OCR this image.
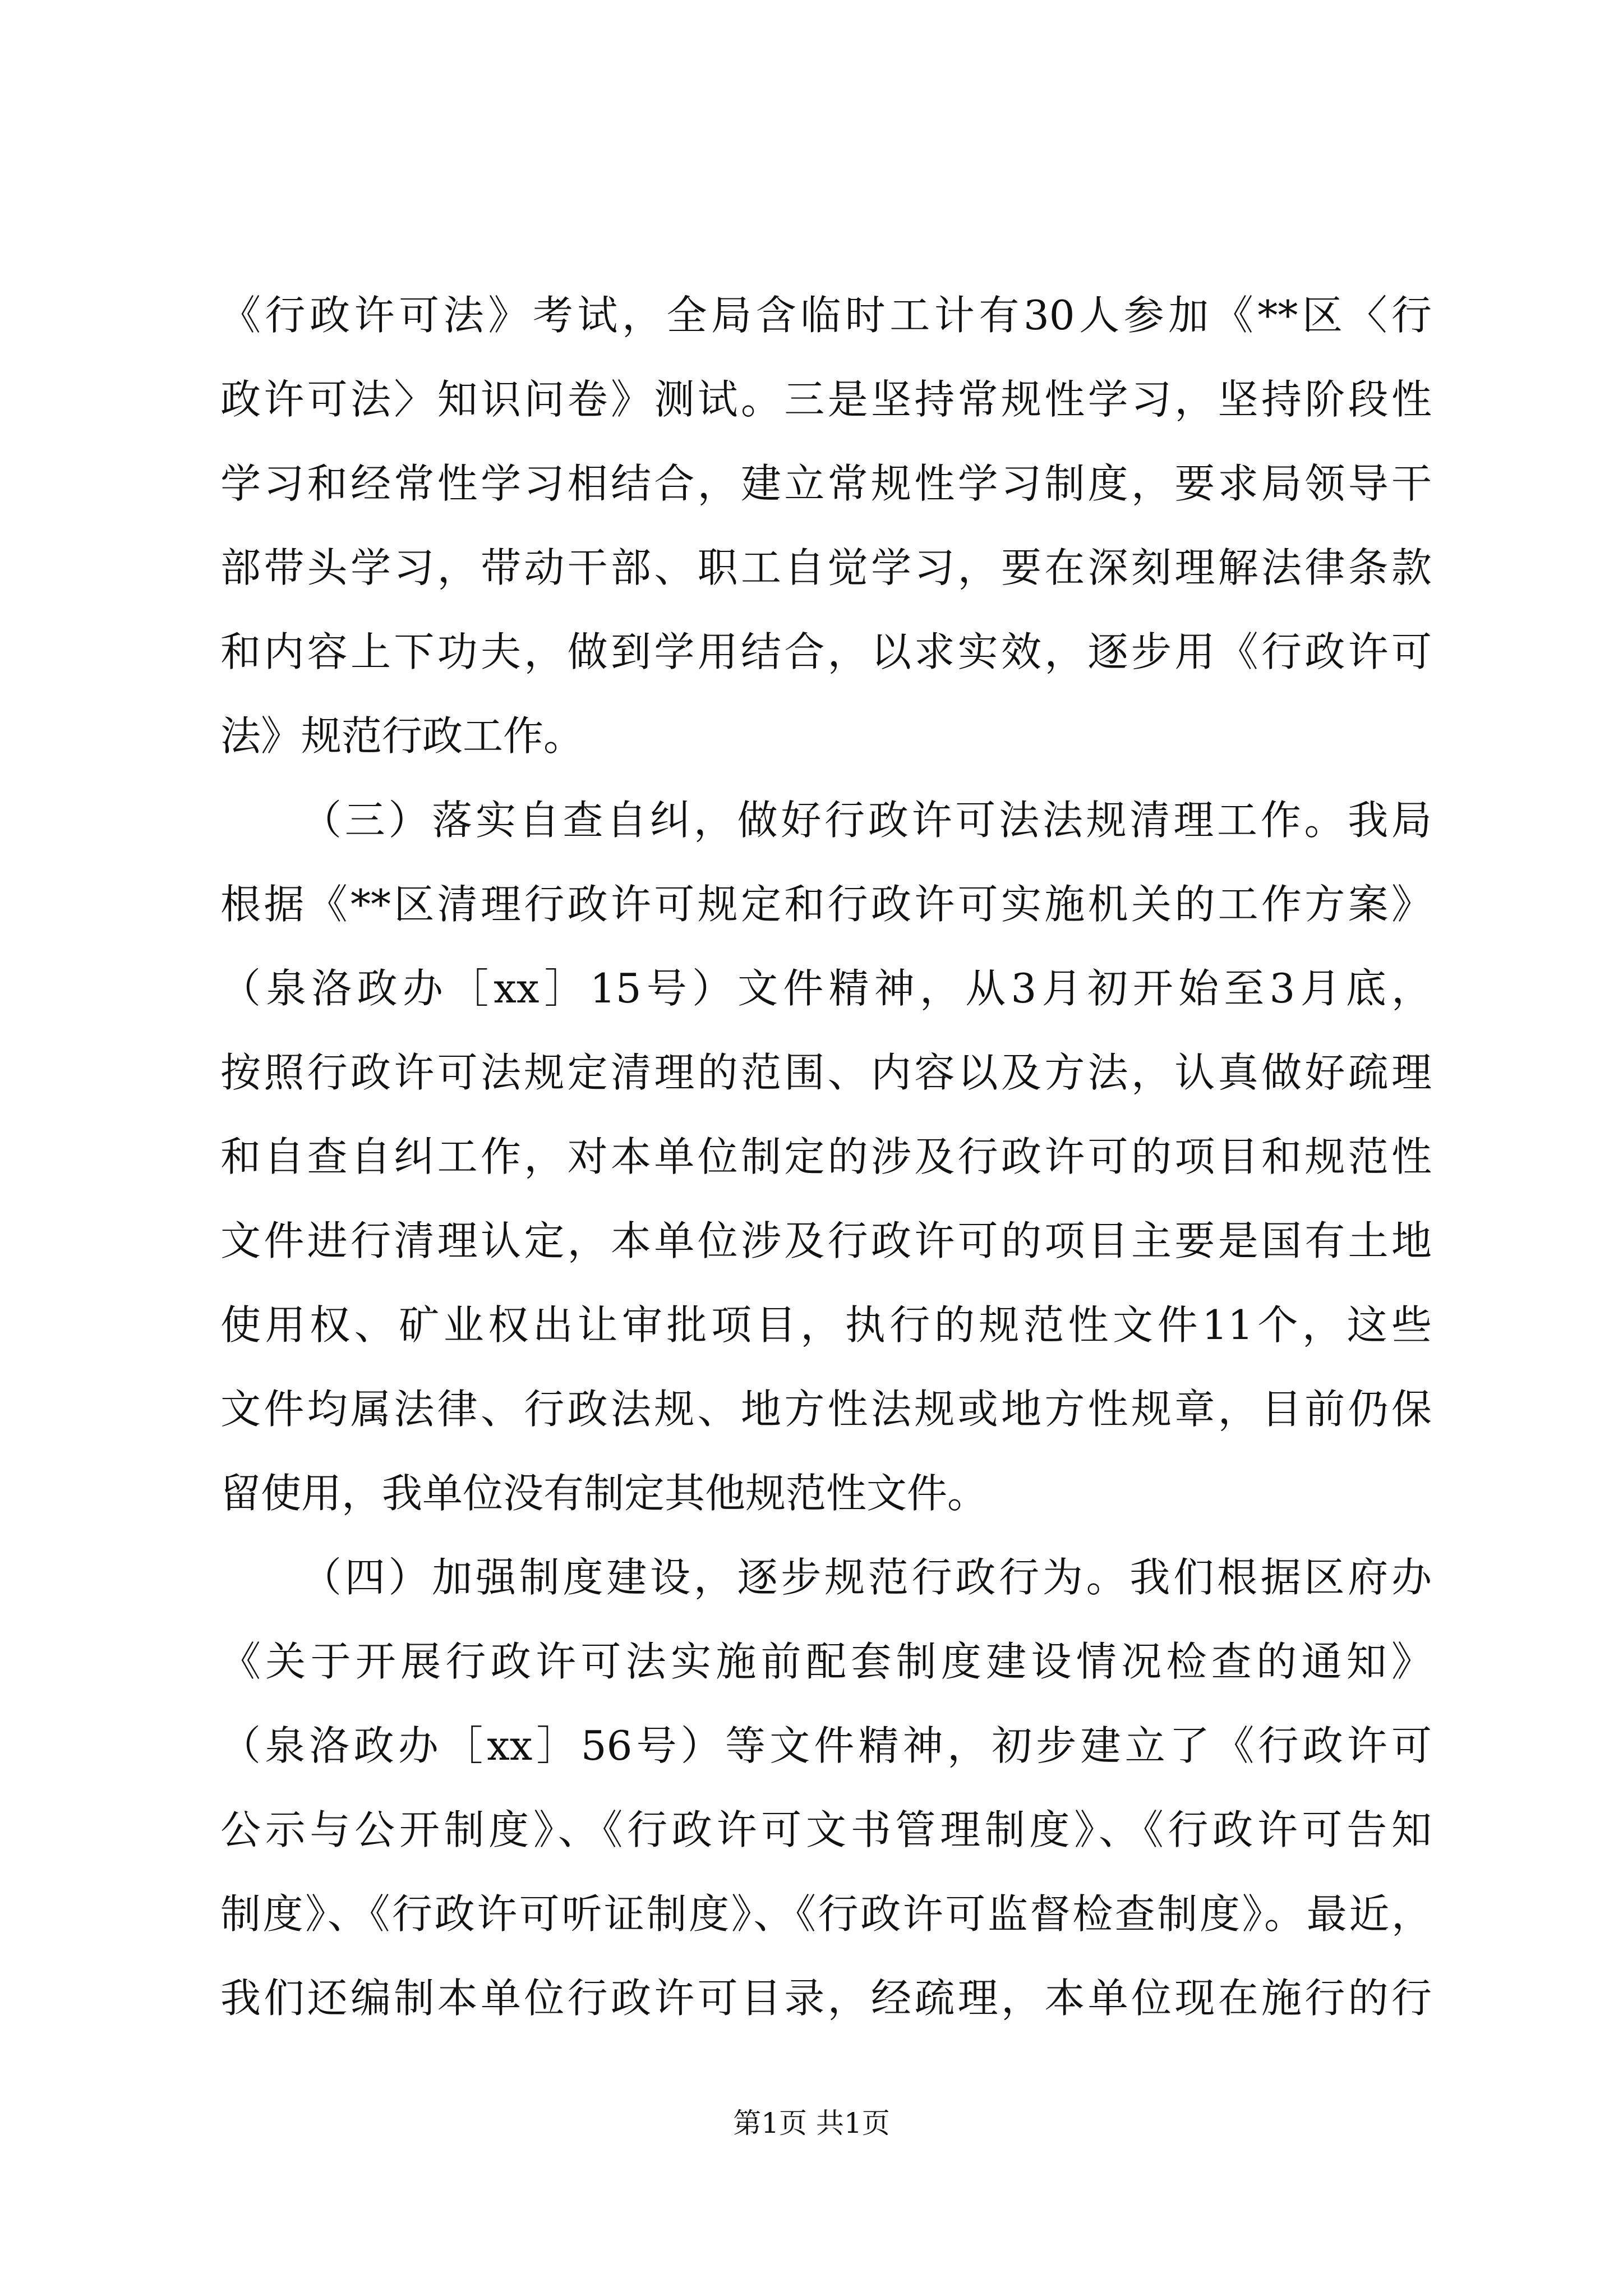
《行政许可法》考试，全局含临时工计有30人参加《**区〈行
政许可法〉知识问卷》测试。三是坚持常规性学习，坚持阶段性
学习和经常性学习相结合，建立常规性学习制度，要求局领导干
部带头学习，带动干部、职工自觉学习，要在深刻理解法律条款
和内容上下功夫，做到学用结合，以求实效，逐步用《行政许可
法》规范行政工作。
（三）落实自查自纠，做好行政许可法法规清理工作。我局
根据《**区清理行政许可规定和行政许可实施机关的工作方案》
（泉洛政办［xx］15号）文件精神，从3月初开始至3月底，
按照行政许可法规定清理的范围、内容以及方法，认真做好疏理
和自查自纠工作，对本单位制定的涉及行政许可的项目和规范性
文件进行清理认定，本单位涉及行政许可的项目主要是国有土地
使用权、矿业权出让审批项目，执行的规范性文件11个，这些
文件均属法律、行政法规、地方性法规或地方性规章，目前仍保
留使用，我单位没有制定其他规范性文件。
（四）加强制度建设，逐步规范行政行为。我们根据区府办
《关于开展行政许可法实施前配套制度建设情况检查的通知》
（泉洛政办［xx］56号）等文件精神，初步建立了《行政许可
公示与公开制度》、《行政许可文书管理制度》、《行政许可告知
制度》、《行政许可听证制度》、《行政许可监督检查制度》。最近，
我们还编制本单位行政许可目录，经疏理，本单位现在施行的行
第1页 共1页
